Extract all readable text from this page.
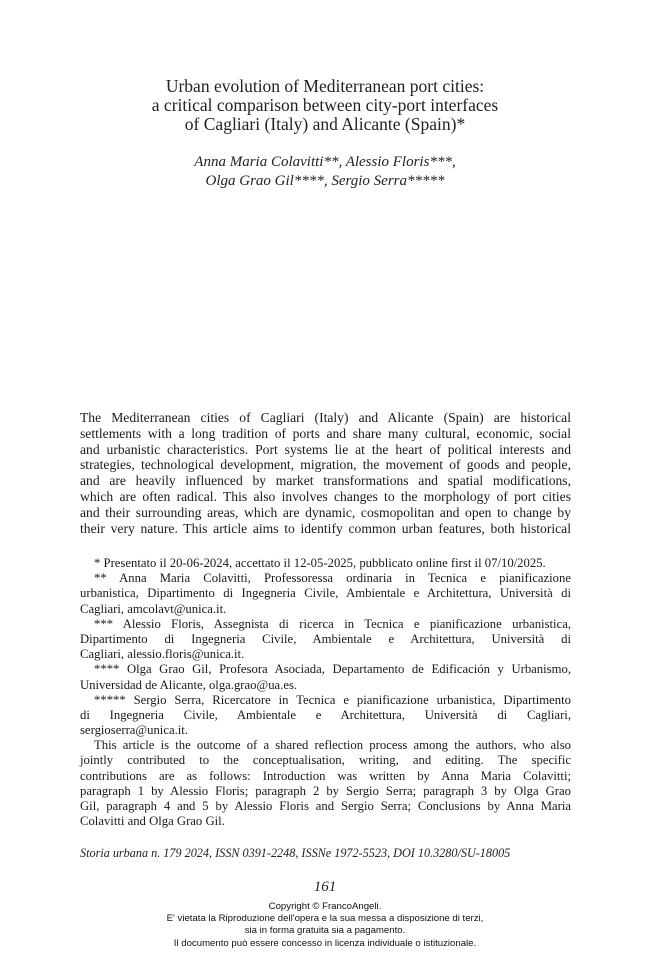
Urban evolution of Mediterranean port cities:
a critical comparison between city-port interfaces
of Cagliari (Italy) and Alicante (Spain)*
Anna Maria Colavitti**, Alessio Floris***,
Olga Grao Gil****, Sergio Serra*****
The Mediterranean cities of Cagliari (Italy) and Alicante (Spain) are historical
settlements with a long tradition of ports and share many cultural, economic, social
and urbanistic characteristics. Port systems lie at the heart of political interests and
strategies, technological development, migration, the movement of goods and people,
and are heavily influenced by market transformations and spatial modifications,
which are often radical. This also involves changes to the morphology of port cities
and their surrounding areas, which are dynamic, cosmopolitan and open to change by
their very nature. This article aims to identify common urban features, both historical
* Presentato il 20-06-2024, accettato il 12-05-2025, pubblicato online first il 07/10/2025.
** Anna Maria Colavitti, Professoressa ordinaria in Tecnica e pianificazione
urbanistica, Dipartimento di Ingegneria Civile, Ambientale e Architettura, Università di
Cagliari, amcolavt@unica.it.
*** Alessio Floris, Assegnista di ricerca in Tecnica e pianificazione urbanistica,
Dipartimento di Ingegneria Civile, Ambientale e Architettura, Università di
Cagliari, alessio.floris@unica.it.
**** Olga Grao Gil, Profesora Asociada, Departamento de Edificación y Urbanismo,
Universidad de Alicante, olga.grao@ua.es.
***** Sergio Serra, Ricercatore in Tecnica e pianificazione urbanistica, Dipartimento
di Ingegneria Civile, Ambientale e Architettura, Università di Cagliari,
sergioserra@unica.it.
This article is the outcome of a shared reflection process among the authors, who also
jointly contributed to the conceptualisation, writing, and editing. The specific
contributions are as follows: Introduction was written by Anna Maria Colavitti;
paragraph 1 by Alessio Floris; paragraph 2 by Sergio Serra; paragraph 3 by Olga Grao
Gil, paragraph 4 and 5 by Alessio Floris and Sergio Serra; Conclusions by Anna Maria
Colavitti and Olga Grao Gil.
Storia urbana n. 179 2024, ISSN 0391-2248, ISSNe 1972-5523, DOI 10.3280/SU-18005
161
Copyright © FrancoAngeli.
E' vietata la Riproduzione dell'opera e la sua messa a disposizione di terzi,
sia in forma gratuita sia a pagamento.
Il documento può essere concesso in licenza individuale o istituzionale.
